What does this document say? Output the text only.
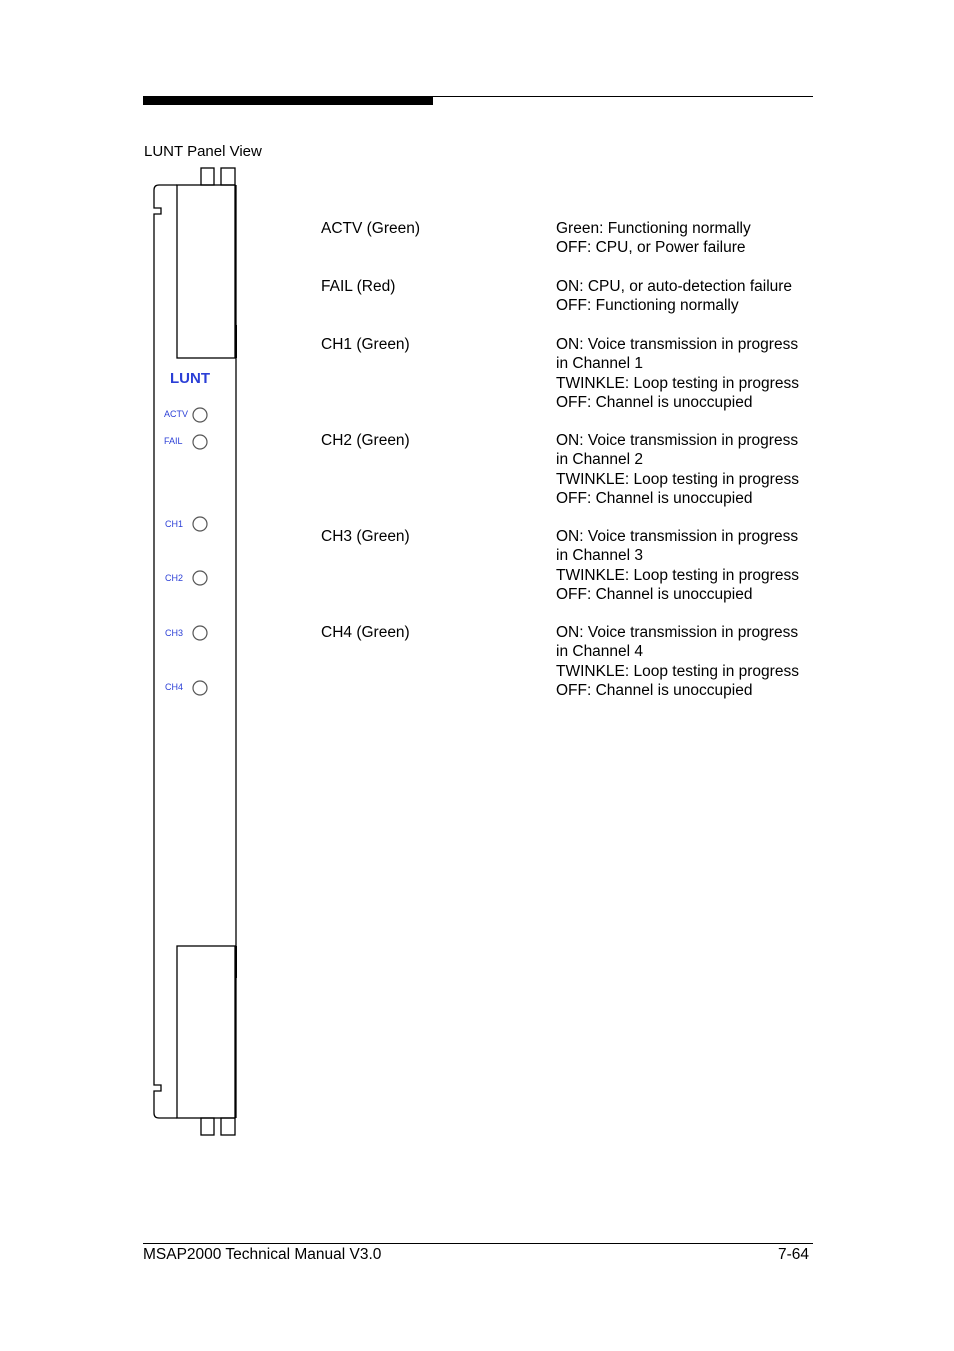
LUNT Panel View
LUNT
ACTV
FAIL
CH1
CH2
CH3
CH4
ACTV (Green)	Green: Functioning normally
OFF: CPU, or Power failure
FAIL (Red)	ON: CPU, or auto-detection failure
OFF: Functioning normally
CH1 (Green)	ON: Voice transmission in progress
in Channel 1
TWINKLE: Loop testing in progress
OFF: Channel is unoccupied
CH2 (Green)	ON: Voice transmission in progress
in Channel 2
TWINKLE: Loop testing in progress
OFF: Channel is unoccupied
CH3 (Green)	ON: Voice transmission in progress
in Channel 3
TWINKLE: Loop testing in progress
OFF: Channel is unoccupied
CH4 (Green)	ON: Voice transmission in progress
in Channel 4
TWINKLE: Loop testing in progress
OFF: Channel is unoccupied
MSAP2000 Technical Manual V3.0	7-64
